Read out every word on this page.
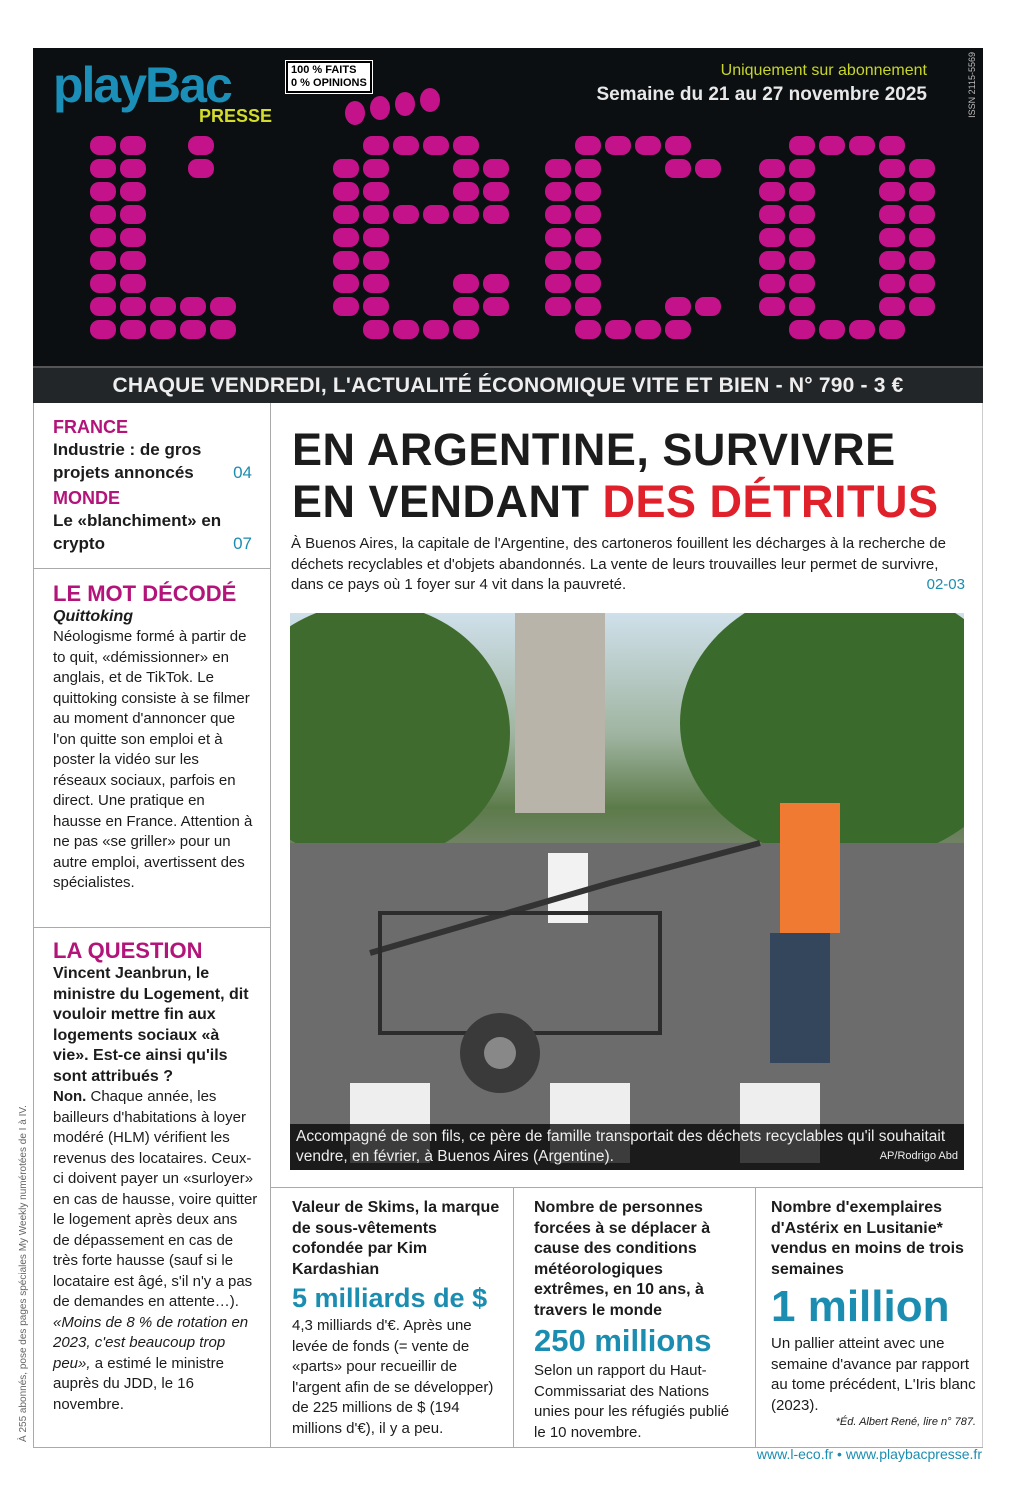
playBac
PRESSE
100 % FAITS
0 % OPINIONS
Uniquement sur abonnement
Semaine du 21 au 27 novembre 2025	ISSN 2115-5569
CHAQUE VENDREDI, L'ACTUALITÉ ÉCONOMIQUE VITE ET BIEN - N° 790 - 3 €
FRANCE
Industrie : de gros projets annoncés 04
MONDE
Le «blanchiment» en crypto	07
LE MOT DÉCODÉ
Quittoking
Néologisme formé à partir de to quit, «démissionner» en anglais, et de TikTok. Le quittoking consiste à se filmer au moment d'annoncer que l'on quitte son emploi et à poster la vidéo sur les réseaux sociaux, parfois en direct. Une pratique en hausse en France. Attention à ne pas «se griller» pour un autre emploi, avertissent des spécialistes.
LA QUESTION
Vincent Jeanbrun, le ministre du Logement, dit vouloir mettre fin aux logements sociaux «à vie». Est-ce ainsi qu'ils sont attribués ?
Non. Chaque année, les bailleurs d'habitations à loyer modéré (HLM) vérifient les revenus des locataires. Ceux-ci doivent payer un «surloyer» en cas de hausse, voire quitter le logement après deux ans de dépassement en cas de très forte hausse (sauf si le locataire est âgé, s'il n'y a pas de demandes en attente…). «Moins de 8 % de rotation en 2023, c'est beaucoup trop peu», a estimé le ministre auprès du JDD, le 16 novembre.
À 255 abonnés, pose des pages spéciales My Weekly numérotées de I à IV.
EN ARGENTINE, SURVIVRE
EN VENDANT DES DÉTRITUS
À Buenos Aires, la capitale de l'Argentine, des cartoneros fouillent les décharges à la recherche de déchets recyclables et d'objets abandonnés. La vente de leurs trouvailles leur permet de survivre, dans ce pays où 1 foyer sur 4 vit dans la pauvreté.	02-03
Accompagné de son fils, ce père de famille transportait des déchets recyclables qu'il souhaitait vendre, en février, à Buenos Aires (Argentine).	AP/Rodrigo Abd
Valeur de Skims, la marque de sous-vêtements cofondée par Kim Kardashian
5 milliards de $
4,3 milliards d'€. Après une levée de fonds (= vente de «parts» pour recueillir de l'argent afin de se développer) de 225 millions de $ (194 millions d'€), il y a peu.
Nombre de personnes forcées à se déplacer à cause des conditions météorologiques extrêmes, en 10 ans, à travers le monde
250 millions
Selon un rapport du Haut-Commissariat des Nations unies pour les réfugiés publié le 10 novembre.
Nombre d'exemplaires d'Astérix en Lusitanie* vendus en moins de trois semaines
1 million
Un pallier atteint avec une semaine d'avance par rapport au tome précédent, L'Iris blanc (2023).
*Éd. Albert René, lire n° 787.
www.l-eco.fr • www.playbacpresse.fr
